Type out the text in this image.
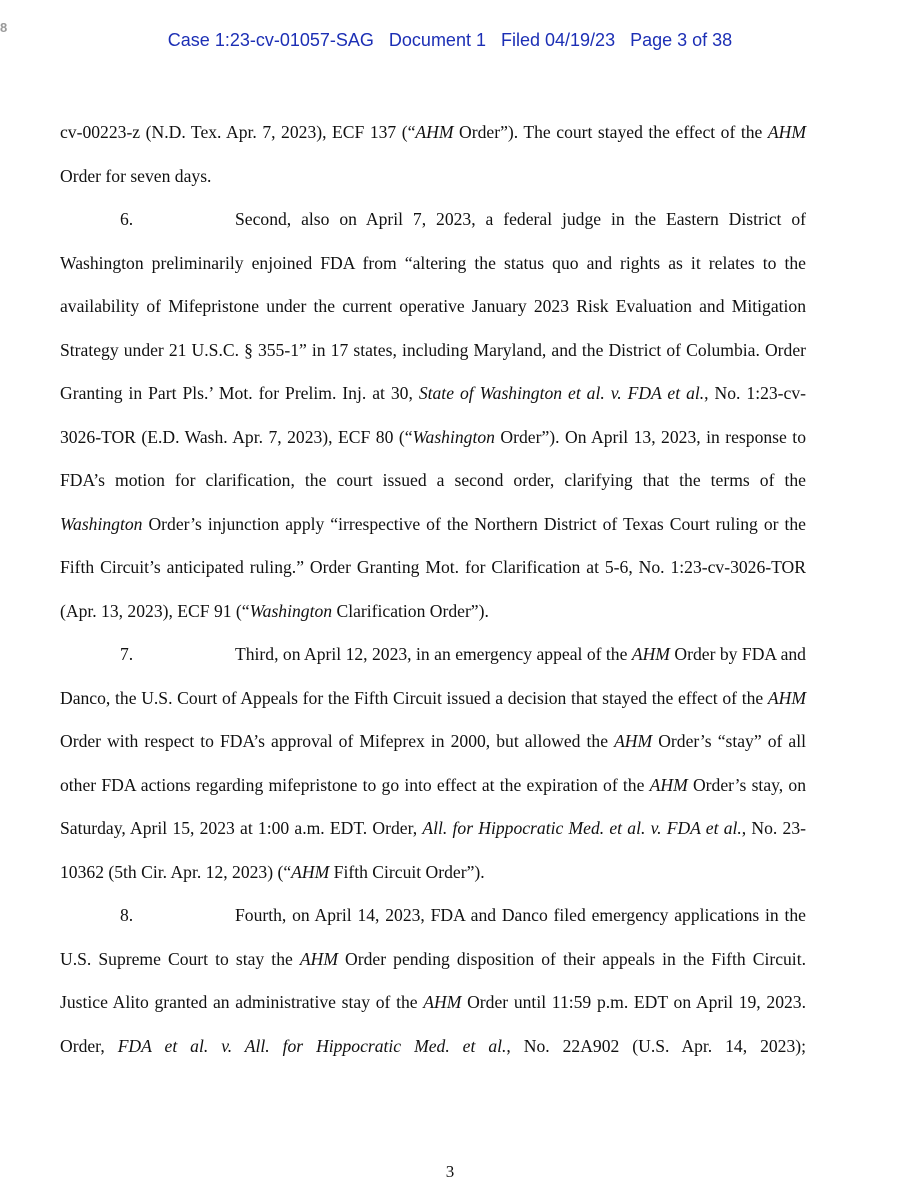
8
Case 1:23-cv-01057-SAG Document 1 Filed 04/19/23 Page 3 of 38

cv-00223-z (N.D. Tex. Apr. 7, 2023), ECF 137 (“AHM Order”). The court stayed the effect of the AHM Order for seven days.

6.	Second, also on April 7, 2023, a federal judge in the Eastern District of Washington preliminarily enjoined FDA from “altering the status quo and rights as it relates to the availability of Mifepristone under the current operative January 2023 Risk Evaluation and Mitigation Strategy under 21 U.S.C. § 355-1” in 17 states, including Maryland, and the District of Columbia. Order Granting in Part Pls.’ Mot. for Prelim. Inj. at 30, State of Washington et al. v. FDA et al., No. 1:23-cv-3026-TOR (E.D. Wash. Apr. 7, 2023), ECF 80 (“Washington Order”). On April 13, 2023, in response to FDA’s motion for clarification, the court issued a second order, clarifying that the terms of the Washington Order’s injunction apply “irrespective of the Northern District of Texas Court ruling or the Fifth Circuit’s anticipated ruling.” Order Granting Mot. for Clarification at 5-6, No. 1:23-cv-3026-TOR (Apr. 13, 2023), ECF 91 (“Washington Clarification Order”).

7.	Third, on April 12, 2023, in an emergency appeal of the AHM Order by FDA and Danco, the U.S. Court of Appeals for the Fifth Circuit issued a decision that stayed the effect of the AHM Order with respect to FDA’s approval of Mifeprex in 2000, but allowed the AHM Order’s “stay” of all other FDA actions regarding mifepristone to go into effect at the expiration of the AHM Order’s stay, on Saturday, April 15, 2023 at 1:00 a.m. EDT. Order, All. for Hippocratic Med. et al. v. FDA et al., No. 23-10362 (5th Cir. Apr. 12, 2023) (“AHM Fifth Circuit Order”).

8.	Fourth, on April 14, 2023, FDA and Danco filed emergency applications in the U.S. Supreme Court to stay the AHM Order pending disposition of their appeals in the Fifth Circuit. Justice Alito granted an administrative stay of the AHM Order until 11:59 p.m. EDT on April 19, 2023. Order, FDA et al. v. All. for Hippocratic Med. et al., No. 22A902 (U.S. Apr. 14, 2023);

3
